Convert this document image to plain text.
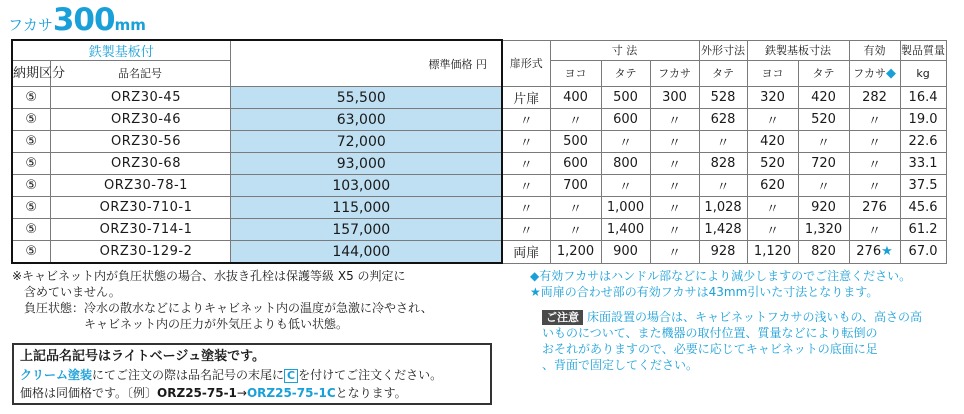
フカサ 300 mm
鉄製基板付		標準価格 円	扉形式	寸 法			外形寸法	鉄製基板寸法		有効	製品質量
納期区分	品名記号			ヨコ	タテ	フカサ	タテ	ヨコ	タテ	フカサ◆	kg
⑤	ORZ30-45	55,500	片扉	400	500	300	528	320	420	282	16.4
⑤	ORZ30-46	63,000	〃	〃	600	〃	628	〃	520	〃	19.0
⑤	ORZ30-56	72,000	〃	500	〃	〃	〃	420	〃	〃	22.6
⑤	ORZ30-68	93,000	〃	600	800	〃	828	520	720	〃	33.1
⑤	ORZ30-78-1	103,000	〃	700	〃	〃	〃	620	〃	〃	37.5
⑤	ORZ30-710-1	115,000	〃	〃	1,000	〃	1,028	〃	920	276	45.6
⑤	ORZ30-714-1	157,000	〃	〃	1,400	〃	1,428	〃	1,320	〃	61.2
⑤	ORZ30-129-2	144,000	両扉	1,200	900	〃	928	1,120	820	276★	67.0

※キャビネット内が負圧状態の場合、水抜き孔栓は保護等級 X5 の判定に

含めていません。

負圧状態：冷水の散水などによりキャビネット内の温度が急激に冷やされ、

キャビネット内の圧力が外気圧よりも低い状態。

◆有効フカサはハンドル部などにより減少しますのでご注意ください。

★両扉の合わせ部の有効フカサは43mm引いた寸法となります。

ご注意 床面設置の場合は、キャビネットフカサの浅いもの、高さの高
いものについて、また機器の取付位置、質量などにより転倒の
おそれがありますので、必要に応じてキャビネットの底面に足
、背面で固定してください。

上記品名記号はライトベージュ塗装です。

クリーム塗装にてご注文の際は品名記号の末尾に C を付けてご注文ください。

価格は同価格です。〔例〕ORZ25-75-1→ORZ25-75-1Cとなります。
